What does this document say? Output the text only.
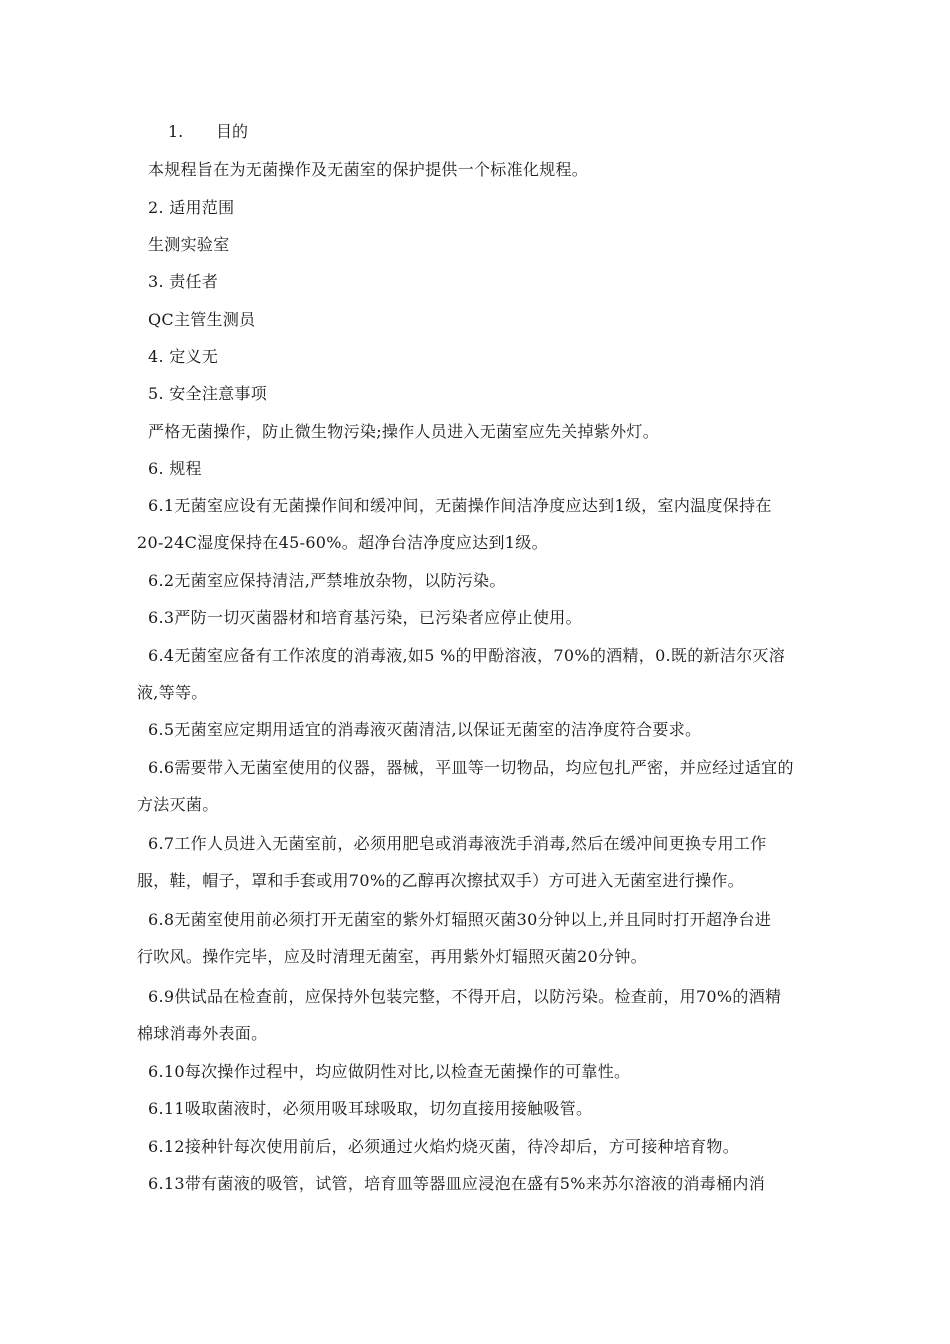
1. 目的
本规程旨在为无菌操作及无菌室的保护提供一个标准化规程。
2. 适用范围
生测实验室
3. 责任者
QC主管生测员
4. 定义无
5. 安全注意事项
严格无菌操作，防止微生物污染;操作人员进入无菌室应先关掉紫外灯。
6. 规程
6.1无菌室应设有无菌操作间和缓冲间，无菌操作间洁净度应达到1级，室内温度保持在
20-24C湿度保持在45-60%。超净台洁净度应达到1级。
6.2无菌室应保持清洁,严禁堆放杂物，以防污染。
6.3严防一切灭菌器材和培育基污染，已污染者应停止使用。
6.4无菌室应备有工作浓度的消毒液,如5 %的甲酚溶液，70%的酒精，0.既的新洁尔灭溶
液,等等。
6.5无菌室应定期用适宜的消毒液灭菌清洁,以保证无菌室的洁净度符合要求。
6.6需要带入无菌室使用的仪器，器械，平皿等一切物品，均应包扎严密，并应经过适宜的
方法灭菌。
6.7工作人员进入无菌室前，必须用肥皂或消毒液洗手消毒,然后在缓冲间更换专用工作
服，鞋，帽子，罩和手套或用70%的乙醇再次擦拭双手）方可进入无菌室进行操作。
6.8无菌室使用前必须打开无菌室的紫外灯辐照灭菌30分钟以上,并且同时打开超净台进
行吹风。操作完毕，应及时清理无菌室，再用紫外灯辐照灭菌20分钟。
6.9供试品在检查前，应保持外包装完整，不得开启，以防污染。检查前，用70%的酒精
棉球消毒外表面。
6.10每次操作过程中，均应做阴性对比,以检查无菌操作的可靠性。
6.11吸取菌液时，必须用吸耳球吸取，切勿直接用接触吸管。
6.12接种针每次使用前后，必须通过火焰灼烧灭菌，待冷却后，方可接种培育物。
6.13带有菌液的吸管，试管，培育皿等器皿应浸泡在盛有5%来苏尔溶液的消毒桶内消
